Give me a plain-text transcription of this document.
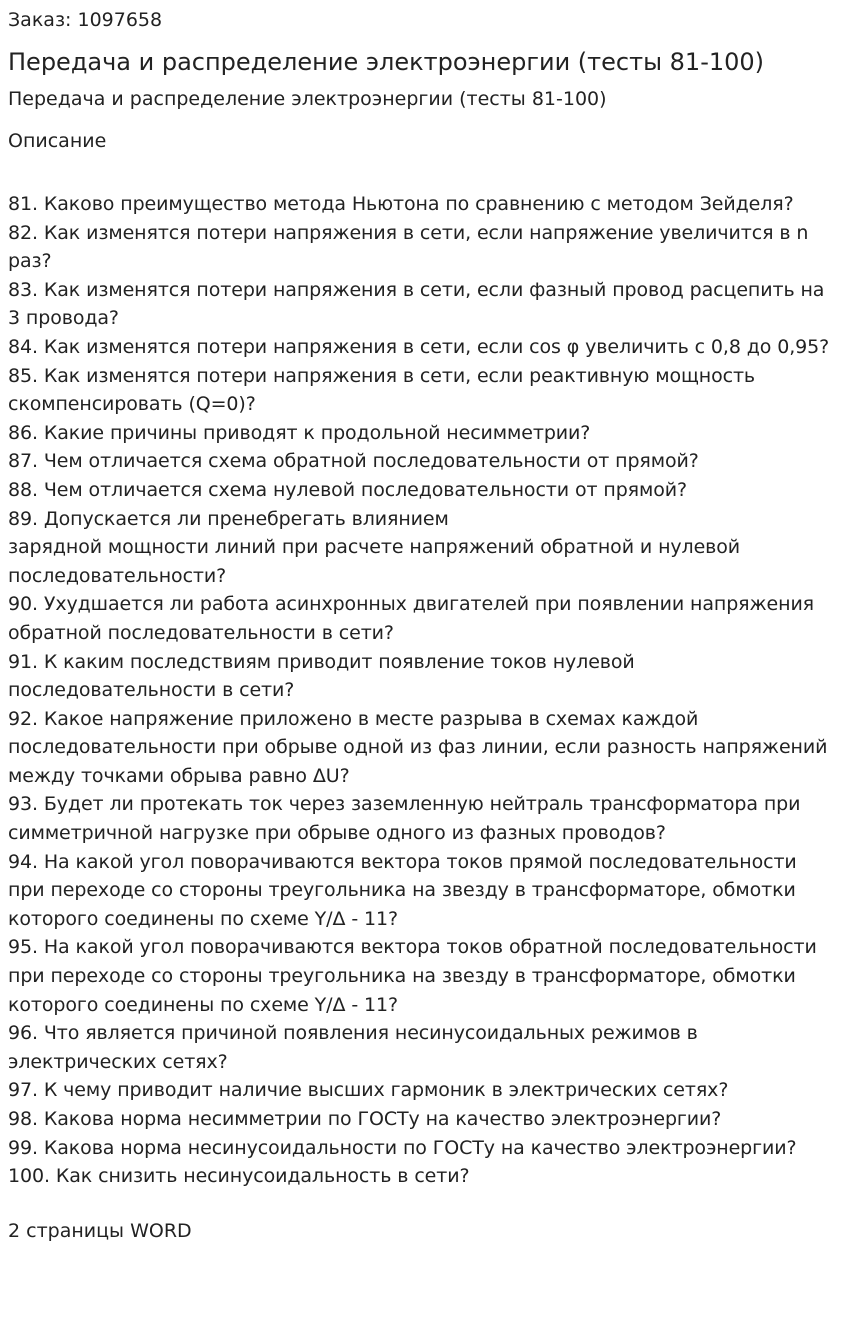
Заказ: 1097658

Передача и распределение электроэнергии (тесты 81-100)

Передача и распределение электроэнергии (тесты 81-100)

Описание
81. Каково преимущество метода Ньютона по сравнению с методом Зейделя?
82. Как изменятся потери напряжения в сети, если напряжение увеличится в n
раз?
83. Как изменятся потери напряжения в сети, если фазный провод расцепить на
3 провода?
84. Как изменятся потери напряжения в сети, если cos φ увеличить с 0,8 до 0,95?
85. Как изменятся потери напряжения в сети, если реактивную мощность
скомпенсировать (Q=0)?
86. Какие причины приводят к продольной несимметрии?
87. Чем отличается схема обратной последовательности от прямой?
88. Чем отличается схема нулевой последовательности от прямой?
89. Допускается ли пренебрегать влиянием
зарядной мощности линий при расчете напряжений обратной и нулевой
последовательности?
90. Ухудшается ли работа асинхронных двигателей при появлении напряжения
обратной последовательности в сети?
91. К каким последствиям приводит появление токов нулевой
последовательности в сети?
92. Какое напряжение приложено в месте разрыва в схемах каждой
последовательности при обрыве одной из фаз линии, если разность напряжений
между точками обрыва равно ΔU?
93. Будет ли протекать ток через заземленную нейтраль трансформатора при
симметричной нагрузке при обрыве одного из фазных проводов?
94. На какой угол поворачиваются вектора токов прямой последовательности
при переходе со стороны треугольника на звезду в трансформаторе, обмотки
которого соединены по схеме Y/Δ - 11?
95. На какой угол поворачиваются вектора токов обратной последовательности
при переходе со стороны треугольника на звезду в трансформаторе, обмотки
которого соединены по схеме Y/Δ - 11?
96. Что является причиной появления несинусоидальных режимов в
электрических сетях?
97. К чему приводит наличие высших гармоник в электрических сетях?
98. Какова норма несимметрии по ГОСТу на качество электроэнергии?
99. Какова норма несинусоидальности по ГОСТу на качество электроэнергии?
100. Как снизить несинусоидальность в сети?

2 страницы WORD
